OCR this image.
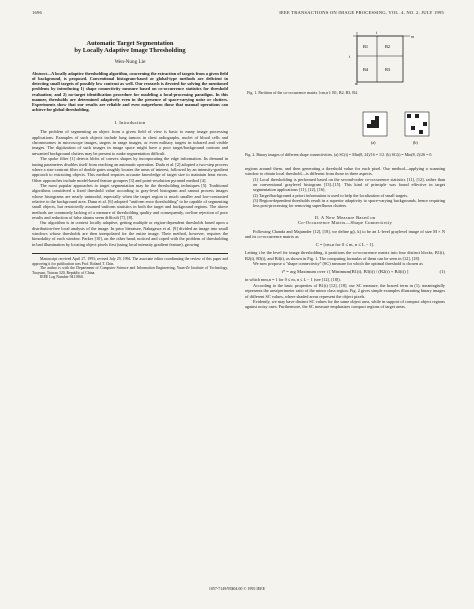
1696	IEEE TRANSACTIONS ON IMAGE PROCESSING, VOL. 4, NO. 2, JULY 1995
Automatic Target Segmentation
by Locally Adaptive Image Thresholding
Wen-Nung Lie
Abstract—A locally adaptive thresholding algorithm, concerning the extraction of targets from a given field of background, is proposed. Conventional histogram-based or global-type methods are deficient in detecting small targets of possibly low contrast as well. Our research is devoted for solving the mentioned problems by introducing 1) shape connectivity measure based on co-occurrence statistics for threshold evaluation; and 2) no-target identification procedure for modeling a local-processing paradigm. In this manner, thresholds are determined adaptively even in the presence of space-varying noise or clutters. Experiments show that our results are reliable and even outperform those that manual operations can achieve for global thresholding.
I. Introduction

The problem of segmenting an object from a given field of view is basic to many image processing applications. Examples of such objects include lung tumors in chest radiographs, nuclei of blood cells and chromosomes in microscope images, targets in range images, or even military targets in infrared and visible images. The digitization of such images in image space might have a poor target/background contrast and unwanted background clutters may be present to make segmentation difficult.

The spoke filter [1] detects blobs of convex shapes by incorporating the edge information. Its demand in tuning parameters disables itself from reaching an automatic operation. Duda et al. [2] adopted a two-step process where a size-contrast filter of double gates roughly locates the areas of interest, followed by an intensity-gradient approach to extracting objects. This method requires accurate knowledge of target size to maintain least errors. Other approaches include model-based feature groupers [3] and point-resolution pyramid method [4].

The most popular approaches to target segmentation may be the thresholding techniques [5]. Traditional algorithms considered a fixed threshold value according to gray-level histogram and cannot process images whose histograms are nearly unimodal, especially when the target region is much smaller and low-contrasted relative to the background area. Dunn et al. [6] adopted "uniform error thresholding" to be capable of segmenting small objects, but restrictedly assumed uniform statistics in both the target and background regions. The above methods are commonly lacking of a measure of thresholding quality and consequently, on-line rejection of poor results and reduction of false alarms seem difficult [7], [8].

Our algorithm is in context locally adaptive, getting multiple or region-dependent thresholds based upon a distribution-free local analysis of the image. In prior literature, Nakagawa et al. [9] divided an image into small windows whose thresholds are then interpolated for the entire image. Their method, however, requires the bimodality of each window. Parker [10], on the other hand, noticed and coped with the problem of thresholding in bad illumination by locating object pixels first (using local intensity gradient feature), growing

Manuscript received April 27, 1993; revised July 29, 1994. The associate editor coordinating the review of this paper and approving it for publication was Prof. Roland T. Chin.

The author is with the Department of Computer Science and Information Engineering, Yuan-Ze Institute of Technology, Taoyuan, Taiwan 320, Republic of China.

IEEE Log Number 9411860.

t
m
n
B1	B2
B3
B4
t
Fig. 1. Partition of the co-occurrence matrix {cm,n}: B1, B2, B3, B4.
(a)	(b)
Fig. 2. Binary images of different shape connectivities. (a) SC(t) = Min(8, 24)/16 = 1/2. (b) SC(t) = Min(8, 2)/26 = 0.

regions around them, and then generating a threshold value for each pixel. Our method—applying a scanning window to obtain local threshold—is different from those in three aspects.

(1) Local thresholding is performed based on the second-order co-occurrence statistics [11], [12], rather than on conventional graylevel histogram [13]–[15]. This kind of principle was found effective in target segmentation applications [11], [12], [16].

(2) Target/background a priori information is used to help the localization of small targets.

(3) Region-dependent thresholds result in a superior adaptivity to space-varying backgrounds, hence requiring less post-processing for removing superfluous clutters.

II. A New Measure Based on
Co-Occurrence Matrix—Shape Connectivity

Following Chanda and Majumder [12], [18], we define g(i, k) to be an L-level graylevel image of size M × N and its co-occurrence matrix as

C = [cm,n for 0 ≤ m, n ≤ L − 1].

Letting t be the level for image thresholding, it partitions the co-occurrence matrix into four distinct blocks, B1(t), B2(t), B3(t), and B4(t), as shown in Fig. 1. The computing formulas of them can be seen in [12], [18].

We now propose a "shape connectivity" (SC) measure for which the optimal threshold is chosen as

t* = arg Maximum over t [ Minimum(B1(t), B3(t)) / (B2(t) + B4(t)) ]	(1)

in which mm,n = 1 for 0 ≤ m, n ≤ L − 1 (see [12], [18]).

According to the basic properties of B1(t) [12], [18], our SC measure, the braced term in (1), meaningfully represents the area/perimeter ratio of the minor class region. Fig. 2 gives simple examples illustrating binary images of different SC values, where shaded areas represent the object pixels.

Evidently, we may have distinct SC values for the same object area, while in support of compact object regions against noisy ones. Furthermore, the SC measure emphasizes compact regions of target areas.

1057-7149/95$04.00 © 1995 IEEE
